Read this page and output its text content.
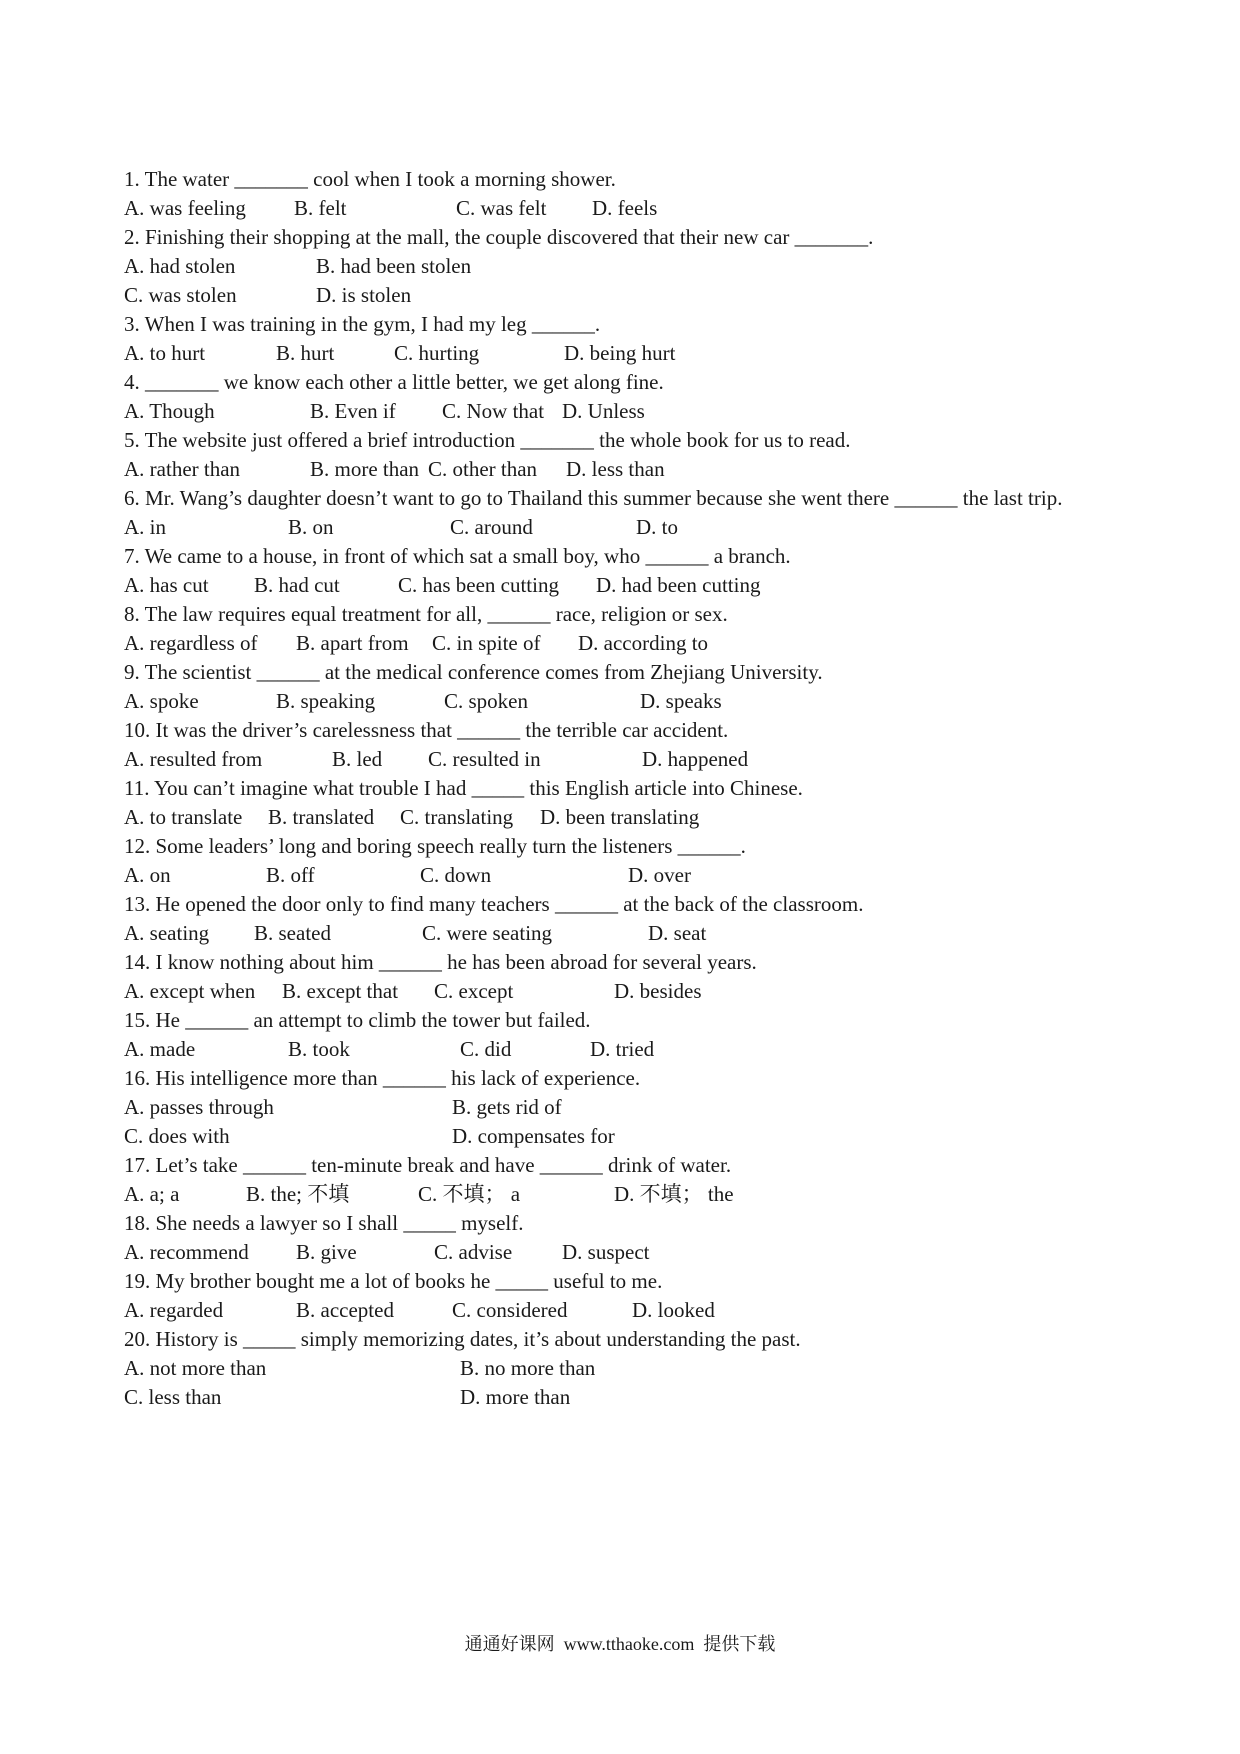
1. The water _______ cool when I took a morning shower.

A. was feeling

B. felt

	C. was felt

D. feels

2. Finishing their shopping at the mall, the couple discovered that their new car _______.

A. had stolen

	B. had been stolen

C. was stolen

	D. is stolen

3. When I was training in the gym, I had my leg ______.

A. to hurt

	B. hurt

	C. hurting

	D. being hurt

4. _______ we know each other a little better, we get along fine.

A. Though

	B. Even if

C. Now that

D. Unless

5. The website just offered a brief introduction _______ the whole book for us to read.

A. rather than

	B. more than

C. other than

D. less than

6. Mr. Wang’s daughter doesn’t want to go to Thailand this summer because she went there ______ the last trip.

A. in

	B. on

	C. around

	D. to

7. We came to a house, in front of which sat a small boy, who ______ a branch.

A. has cut

B. had cut

	C. has been cutting

D. had been cutting

8. The law requires equal treatment for all, ______ race, religion or sex.

A. regardless of

B. apart from

C. in spite of

D. according to

9. The scientist ______ at the medical conference comes from Zhejiang University.

A. spoke

	B. speaking

	C. spoken

	D. speaks

10. It was the driver’s carelessness that ______ the terrible car accident.

A. resulted from

	B. led

C. resulted in

	D. happened

11. You can’t imagine what trouble I had _____ this English article into Chinese.

A. to translate

B. translated

C. translating

D. been translating

12. Some leaders’ long and boring speech really turn the listeners ______.

A. on

	B. off

	C. down

	D. over

13. He opened the door only to find many teachers ______ at the back of the classroom.

A. seating

B. seated

	C. were seating

	D. seat

14. I know nothing about him ______ he has been abroad for several years.

A. except when

B. except that

C. except

	D. besides

15. He ______ an attempt to climb the tower but failed.

A. made

	B. took

	C. did

	D. tried

16. His intelligence more than ______ his lack of experience.

A. passes through

	B. gets rid of

C. does with

	D. compensates for

17. Let’s take ______ ten-minute break and have ______ drink of water.

A. a; a

	B. the; 不填

	C. 不填； a

	D. 不填； the

18. She needs a lawyer so I shall _____ myself.

A. recommend

B. give

	C. advise

D. suspect

19. My brother bought me a lot of books he _____ useful to me.

A. regarded

	B. accepted

	C. considered

	D. looked

20. History is _____ simply memorizing dates, it’s about understanding the past.

A. not more than

	B. no more than

C. less than

	D. more than

通通好课网  www.tthaoke.com  提供下载
